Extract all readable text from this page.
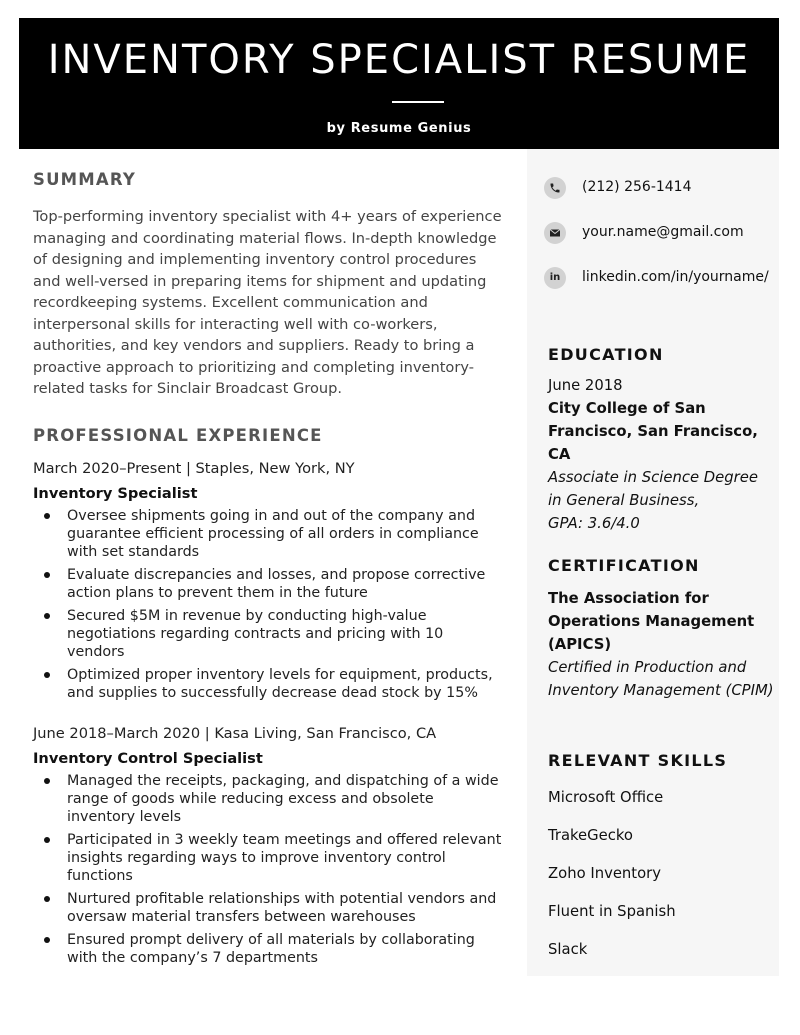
INVENTORY SPECIALIST RESUME
by Resume Genius
SUMMARY

Top-performing inventory specialist with 4+ years of experience managing and coordinating material flows. In-depth knowledge of designing and implementing inventory control procedures and well-versed in preparing items for shipment and updating recordkeeping systems. Excellent communication and interpersonal skills for interacting well with co-workers, authorities, and key vendors and suppliers. Ready to bring a proactive approach to prioritizing and completing inventory-related tasks for Sinclair Broadcast Group.

PROFESSIONAL EXPERIENCE
March 2020–Present | Staples, New York, NY
Inventory Specialist
Oversee shipments going in and out of the company and guarantee efficient processing of all orders in compliance with set standards
Evaluate discrepancies and losses, and propose corrective action plans to prevent them in the future
Secured $5M in revenue by conducting high-value negotiations regarding contracts and pricing with 10 vendors
Optimized proper inventory levels for equipment, products, and supplies to successfully decrease dead stock by 15%
June 2018–March 2020 | Kasa Living, San Francisco, CA
Inventory Control Specialist
Managed the receipts, packaging, and dispatching of a wide range of goods while reducing excess and obsolete inventory levels
Participated in 3 weekly team meetings and offered relevant insights regarding ways to improve inventory control functions
Nurtured profitable relationships with potential vendors and oversaw material transfers between warehouses
Ensured prompt delivery of all materials by collaborating with the company’s 7 departments
(212) 256-1414
your.name@gmail.com
in linkedin.com/in/yourname/
EDUCATION
June 2018
City College of San Francisco, San Francisco, CA
Associate in Science Degree in General Business,
GPA: 3.6/4.0
CERTIFICATION
The Association for Operations Management (APICS)
Certified in Production and Inventory Management (CPIM)
RELEVANT SKILLS
Microsoft Office
TrakeGecko
Zoho Inventory
Fluent in Spanish
Slack
